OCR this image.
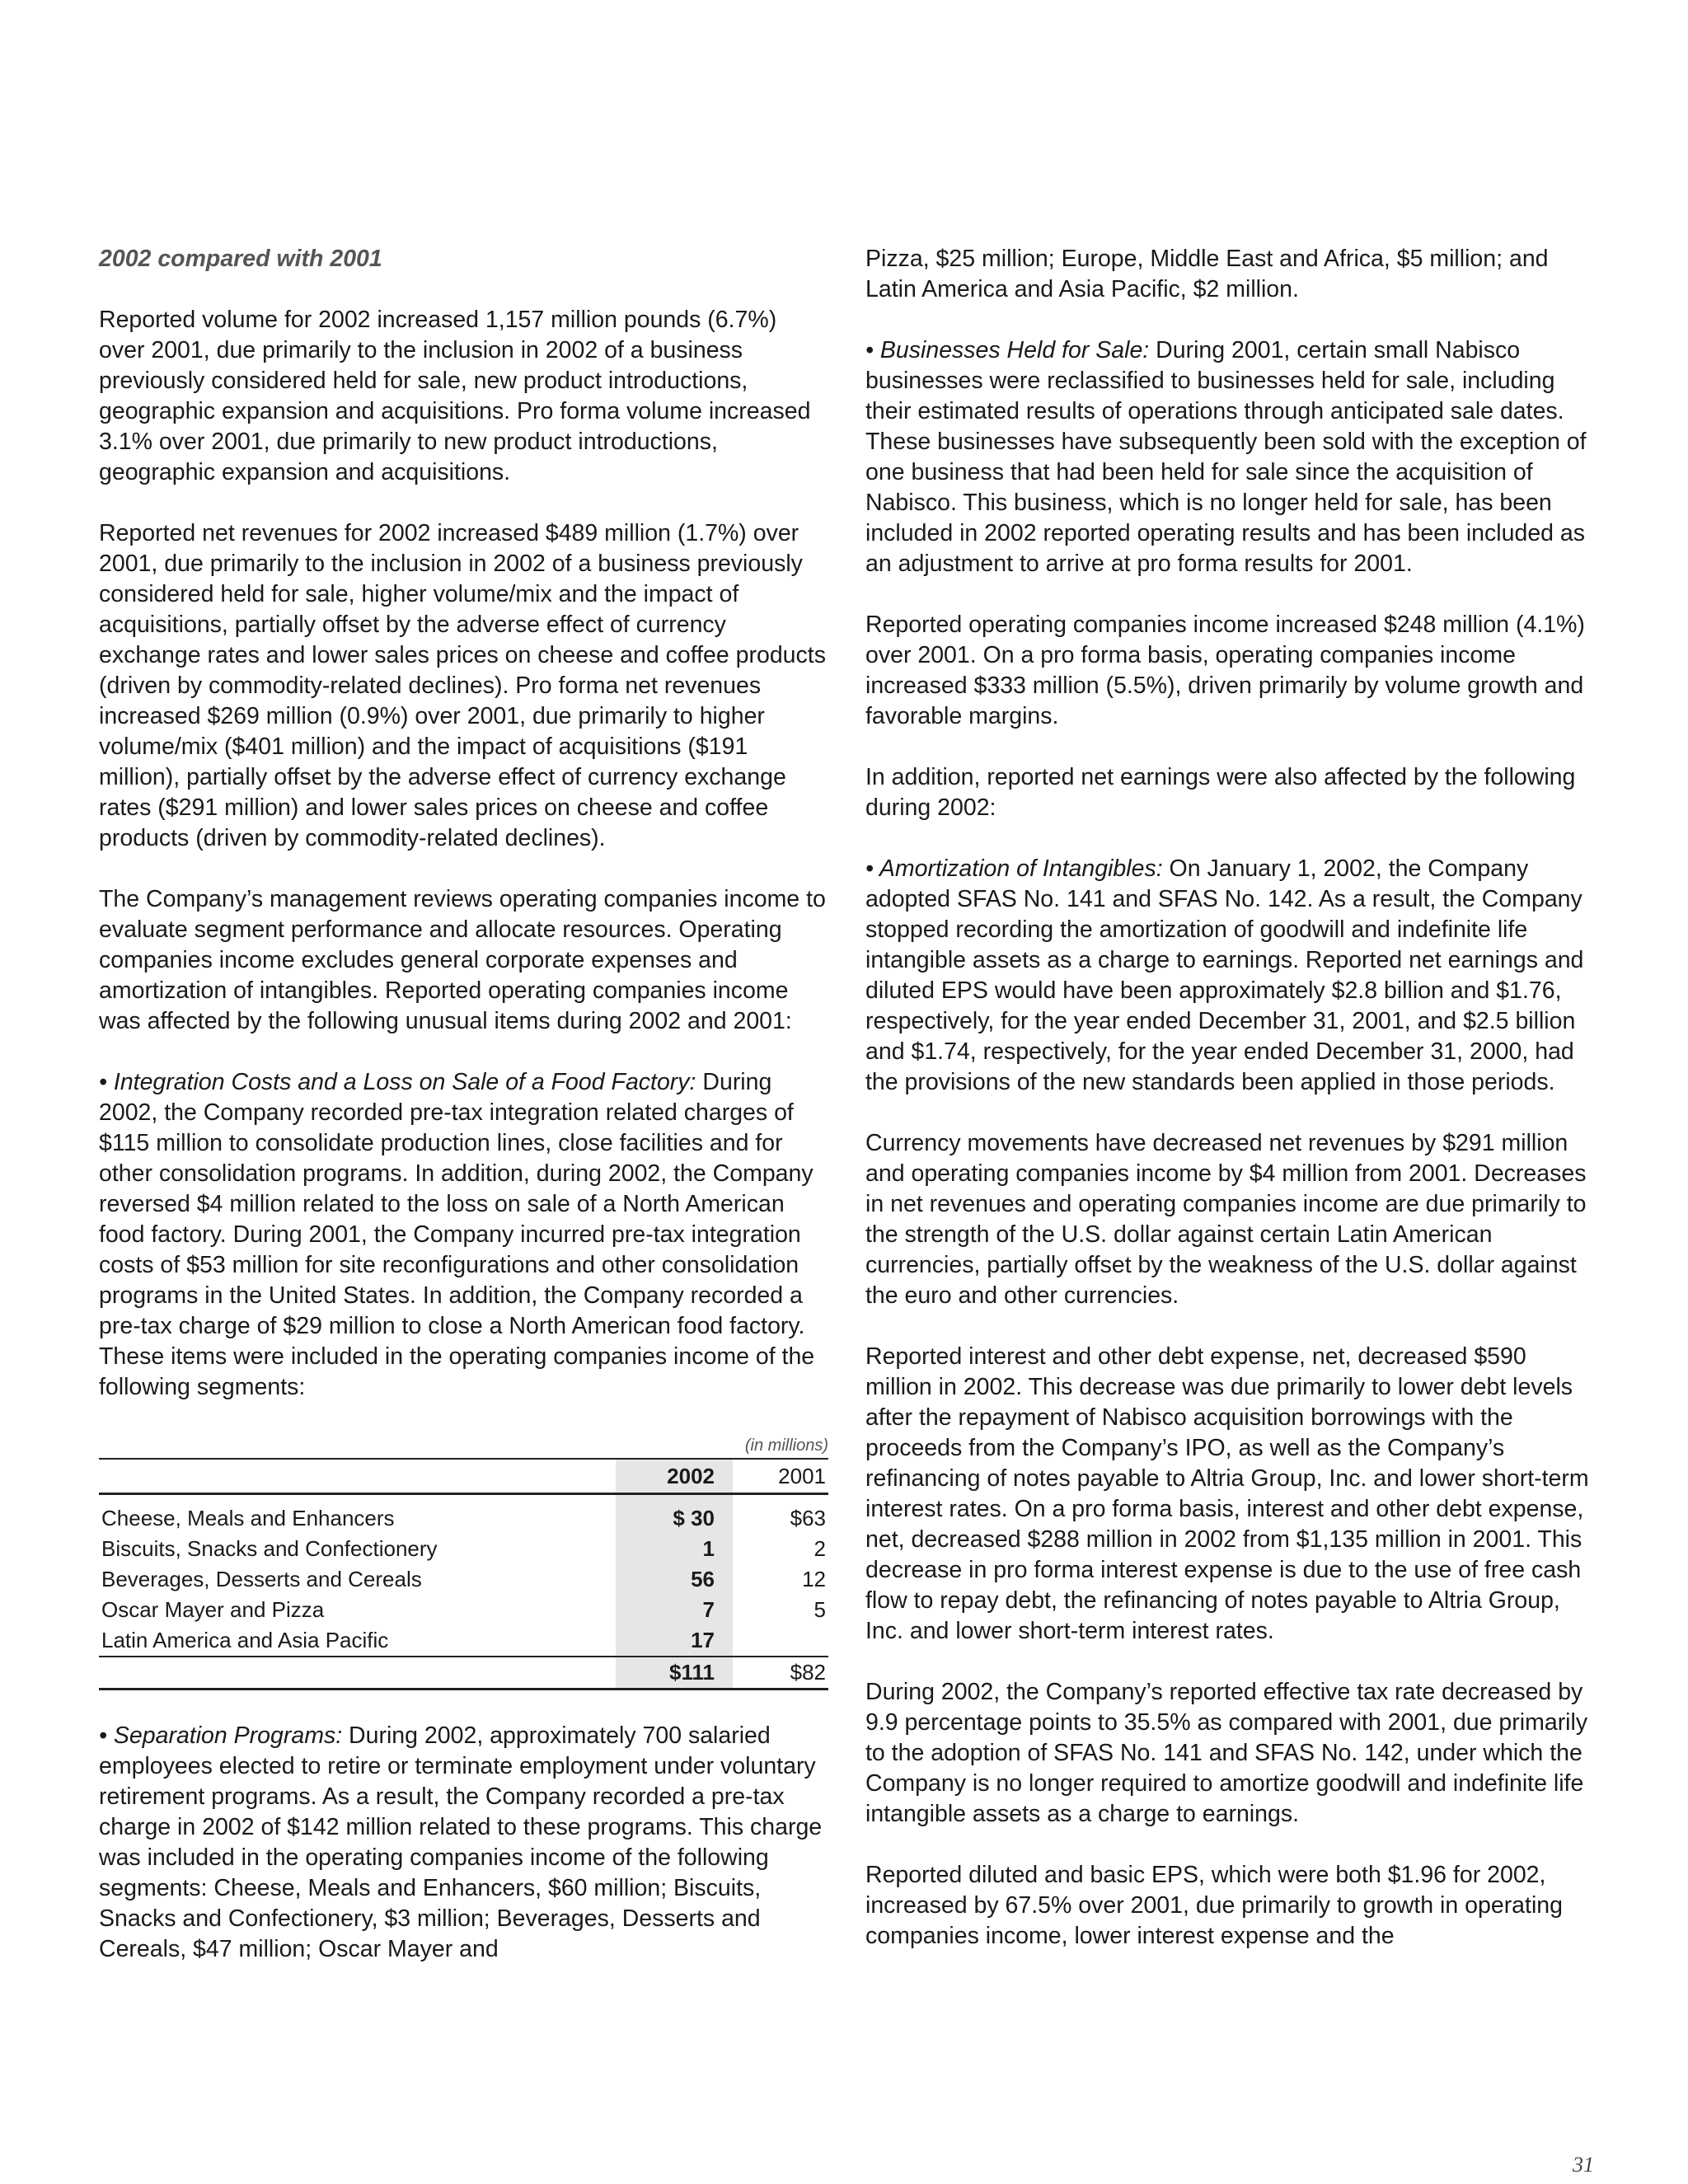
2002 compared with 2001

Reported volume for 2002 increased 1,157 million pounds (6.7%) over 2001, due primarily to the inclusion in 2002 of a business previously considered held for sale, new product introductions, geographic expansion and acquisitions. Pro forma volume increased 3.1% over 2001, due primarily to new product introductions, geographic expansion and acquisitions.

Reported net revenues for 2002 increased $489 million (1.7%) over 2001, due primarily to the inclusion in 2002 of a business previously considered held for sale, higher volume/mix and the impact of acquisitions, partially offset by the adverse effect of currency exchange rates and lower sales prices on cheese and coffee products (driven by commodity-related declines). Pro forma net revenues increased $269 million (0.9%) over 2001, due primarily to higher volume/mix ($401 million) and the impact of acquisitions ($191 million), partially offset by the adverse effect of currency exchange rates ($291 million) and lower sales prices on cheese and coffee products (driven by commodity-related declines).

The Company’s management reviews operating companies income to evaluate segment performance and allocate resources. Operating companies income excludes general corporate expenses and amortization of intangibles. Reported operating companies income was affected by the following unusual items during 2002 and 2001:

• Integration Costs and a Loss on Sale of a Food Factory: During 2002, the Company recorded pre-tax integration related charges of $115 million to consolidate production lines, close facilities and for other consolidation programs. In addition, during 2002, the Company reversed $4 million related to the loss on sale of a North American food factory. During 2001, the Company incurred pre-tax integration costs of $53 million for site reconfigurations and other consolidation programs in the United States. In addition, the Company recorded a pre-tax charge of $29 million to close a North American food factory. These items were included in the operating companies income of the following segments:

(in millions)
	2002	2001
Cheese, Meals and Enhancers	$ 30	$63
Biscuits, Snacks and Confectionery	1	2
Beverages, Desserts and Cereals	56	12
Oscar Mayer and Pizza	7	5
Latin America and Asia Pacific	17	
	$111	$82

• Separation Programs: During 2002, approximately 700 salaried employees elected to retire or terminate employment under voluntary retirement programs. As a result, the Company recorded a pre-tax charge in 2002 of $142 million related to these programs. This charge was included in the operating companies income of the following segments: Cheese, Meals and Enhancers, $60 million; Biscuits, Snacks and Confectionery, $3 million; Beverages, Desserts and Cereals, $47 million; Oscar Mayer and

Pizza, $25 million; Europe, Middle East and Africa, $5 million; and Latin America and Asia Pacific, $2 million.

• Businesses Held for Sale: During 2001, certain small Nabisco businesses were reclassified to businesses held for sale, including their estimated results of operations through anticipated sale dates. These businesses have subsequently been sold with the exception of one business that had been held for sale since the acquisition of Nabisco. This business, which is no longer held for sale, has been included in 2002 reported operating results and has been included as an adjustment to arrive at pro forma results for 2001.

Reported operating companies income increased $248 million (4.1%) over 2001. On a pro forma basis, operating companies income increased $333 million (5.5%), driven primarily by volume growth and favorable margins.

In addition, reported net earnings were also affected by the following during 2002:

• Amortization of Intangibles: On January 1, 2002, the Company adopted SFAS No. 141 and SFAS No. 142. As a result, the Company stopped recording the amortization of goodwill and indefinite life intangible assets as a charge to earnings. Reported net earnings and diluted EPS would have been approximately $2.8 billion and $1.76, respectively, for the year ended December 31, 2001, and $2.5 billion and $1.74, respectively, for the year ended December 31, 2000, had the provisions of the new standards been applied in those periods.

Currency movements have decreased net revenues by $291 million and operating companies income by $4 million from 2001. Decreases in net revenues and operating companies income are due primarily to the strength of the U.S. dollar against certain Latin American currencies, partially offset by the weakness of the U.S. dollar against the euro and other currencies.

Reported interest and other debt expense, net, decreased $590 million in 2002. This decrease was due primarily to lower debt levels after the repayment of Nabisco acquisition borrowings with the proceeds from the Company’s IPO, as well as the Company’s refinancing of notes payable to Altria Group, Inc. and lower short-term interest rates. On a pro forma basis, interest and other debt expense, net, decreased $288 million in 2002 from $1,135 million in 2001. This decrease in pro forma interest expense is due to the use of free cash flow to repay debt, the refinancing of notes payable to Altria Group, Inc. and lower short-term interest rates.

During 2002, the Company’s reported effective tax rate decreased by 9.9 percentage points to 35.5% as compared with 2001, due primarily to the adoption of SFAS No. 141 and SFAS No. 142, under which the Company is no longer required to amortize goodwill and indefinite life intangible assets as a charge to earnings.

Reported diluted and basic EPS, which were both $1.96 for 2002, increased by 67.5% over 2001, due primarily to growth in operating companies income, lower interest expense and the

31
